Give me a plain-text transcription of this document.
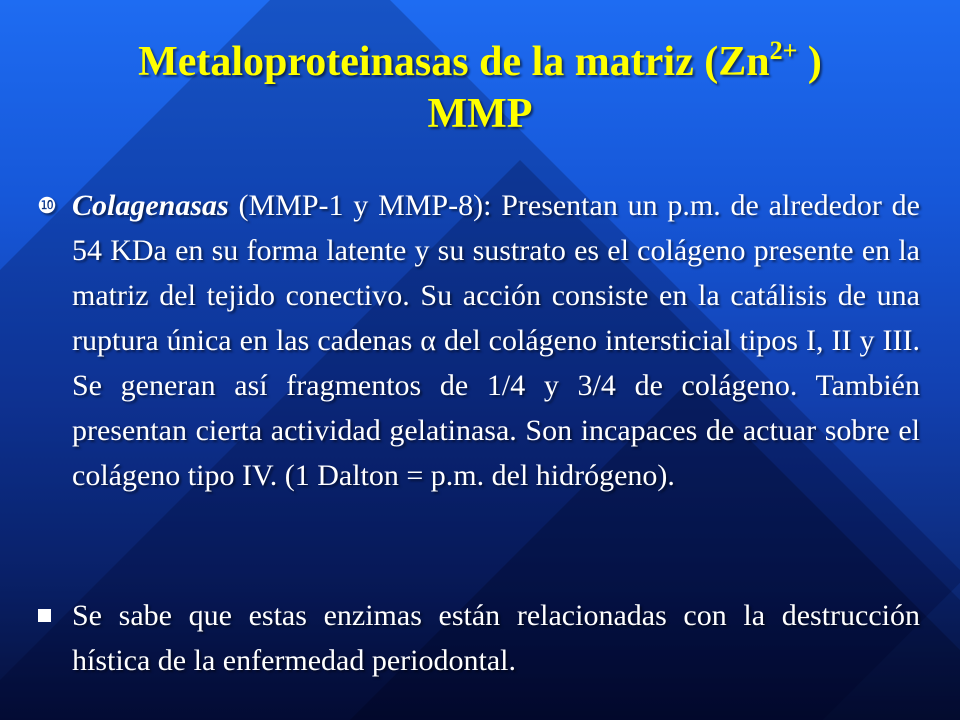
Metaloproteinasas de la matriz ($Zn^{2+}$ )
MMP
❿ Colagenasas (MMP-1 y MMP-8): Presentan un p.m. de alrededor de 54 KDa en su forma latente y su sustrato es el colágeno presente en la matriz del tejido conectivo. Su acción consiste en la catálisis de una ruptura única en las cadenas α del colágeno intersticial tipos I, II y III. Se generan así fragmentos de 1/4 y 3/4 de colágeno. También presentan cierta actividad gelatinasa. Son incapaces de actuar sobre el colágeno tipo IV. (1 Dalton = p.m. del hidrógeno).
Se sabe que estas enzimas están relacionadas con la destrucción hística de la enfermedad periodontal.
